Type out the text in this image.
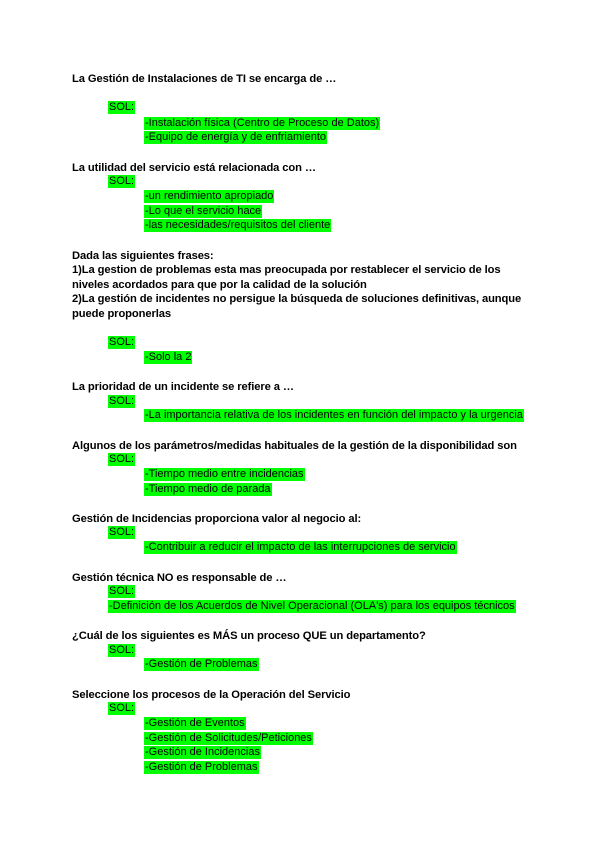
La Gestión de Instalaciones de TI se encarga de …
SOL:
-Instalación física (Centro de Proceso de Datos)
-Equipo de energía y de enfriamiento
La utilidad del servicio está relacionada con …
SOL:
-un rendimiento apropiado
-Lo que el servicio hace
-las necesidades/requisitos del cliente
Dada las siguientes frases:
1)La gestion de problemas esta mas preocupada por restablecer el servicio de los niveles acordados para que por la calidad de la solución
2)La gestión de incidentes no persigue la búsqueda de soluciones definitivas, aunque puede proponerlas
SOL:
-Solo la 2
La prioridad de un incidente se refiere a …
SOL:
-La importancia relativa de los incidentes en función del impacto y la urgencia
Algunos de los parámetros/medidas habituales de la gestión de la disponibilidad son
SOL:
-Tiempo medio entre incidencias
-Tiempo medio de parada
Gestión de Incidencias proporciona valor al negocio al:
SOL:
-Contribuir a reducir el impacto de las interrupciones de servicio
Gestión técnica NO es responsable de …
SOL:
-Definición de los Acuerdos de Nivel Operacional (OLA's) para los equipos técnicos
¿Cuál de los siguientes es MÁS un proceso QUE un departamento?
SOL:
-Gestión de Problemas
Seleccione los procesos de la Operación del Servicio
SOL:
-Gestión de Eventos
-Gestión de Solicitudes/Peticiones
-Gestión de Incidencias
-Gestión de Problemas
